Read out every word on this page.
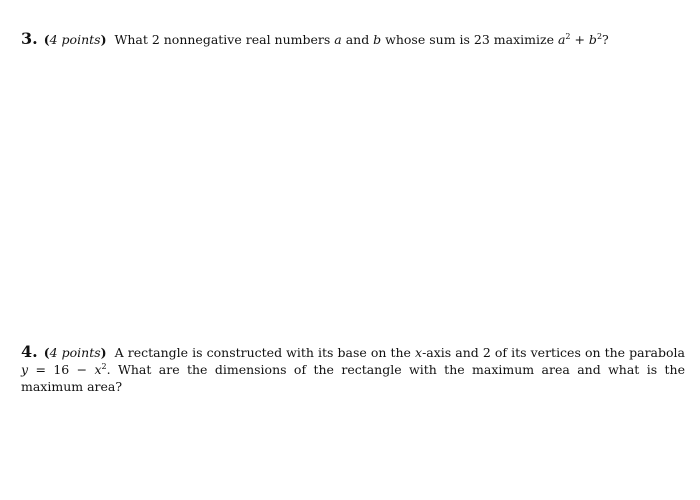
3. (4 points) What 2 nonnegative real numbers a and b whose sum is 23 maximize $a^2 + b^2$?
4. (4 points) A rectangle is constructed with its base on the x-axis and 2 of its vertices on the parabola $y = 16 - x^2$. What are the dimensions of the rectangle with the maximum area and what is the maximum area?
